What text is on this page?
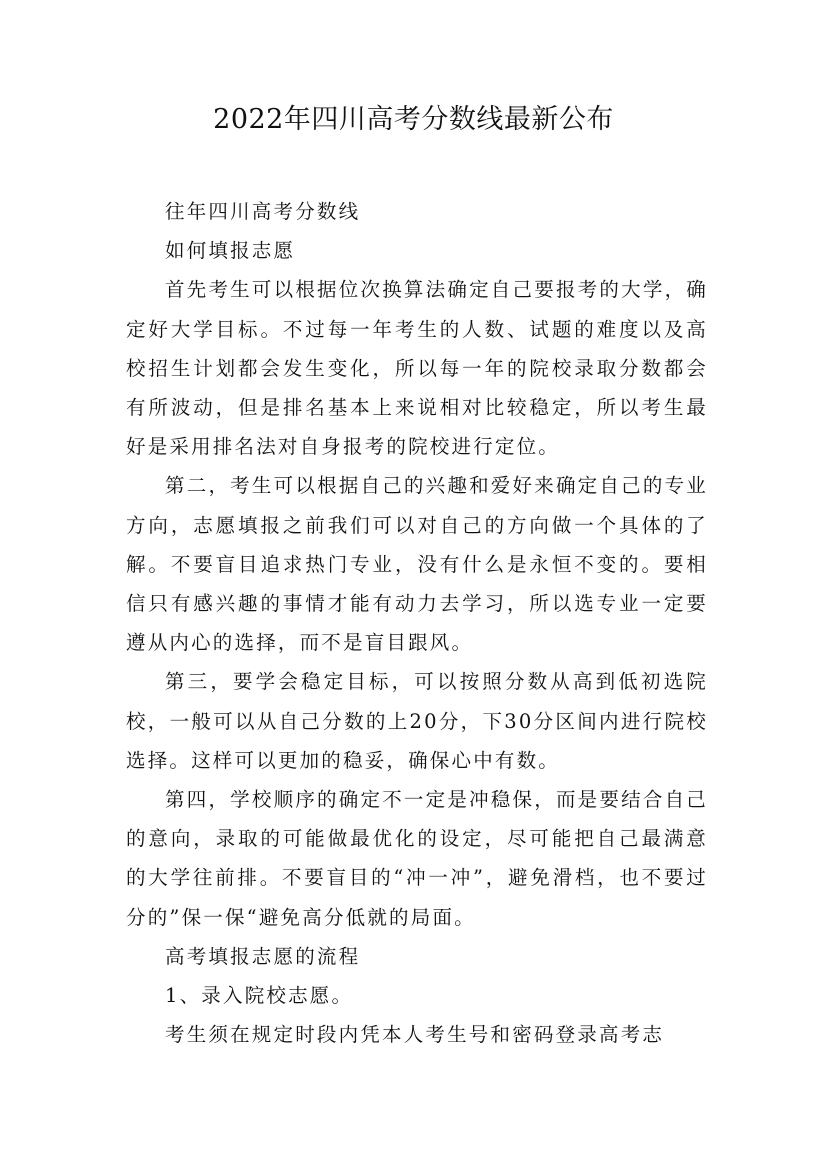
2022年四川高考分数线最新公布

往年四川高考分数线

如何填报志愿

首先考生可以根据位次换算法确定自己要报考的大学，确定好大学目标。不过每一年考生的人数、试题的难度以及高校招生计划都会发生变化，所以每一年的院校录取分数都会有所波动，但是排名基本上来说相对比较稳定，所以考生最好是采用排名法对自身报考的院校进行定位。

第二，考生可以根据自己的兴趣和爱好来确定自己的专业方向，志愿填报之前我们可以对自己的方向做一个具体的了解。不要盲目追求热门专业，没有什么是永恒不变的。要相信只有感兴趣的事情才能有动力去学习，所以选专业一定要遵从内心的选择，而不是盲目跟风。

第三，要学会稳定目标，可以按照分数从高到低初选院校，一般可以从自己分数的上20分，下30分区间内进行院校选择。这样可以更加的稳妥，确保心中有数。

第四，学校顺序的确定不一定是冲稳保，而是要结合自己的意向，录取的可能做最优化的设定，尽可能把自己最满意的大学往前排。不要盲目的“冲一冲”，避免滑档，也不要过分的”保一保“避免高分低就的局面。

高考填报志愿的流程

1、录入院校志愿。

考生须在规定时段内凭本人考生号和密码登录高考志
